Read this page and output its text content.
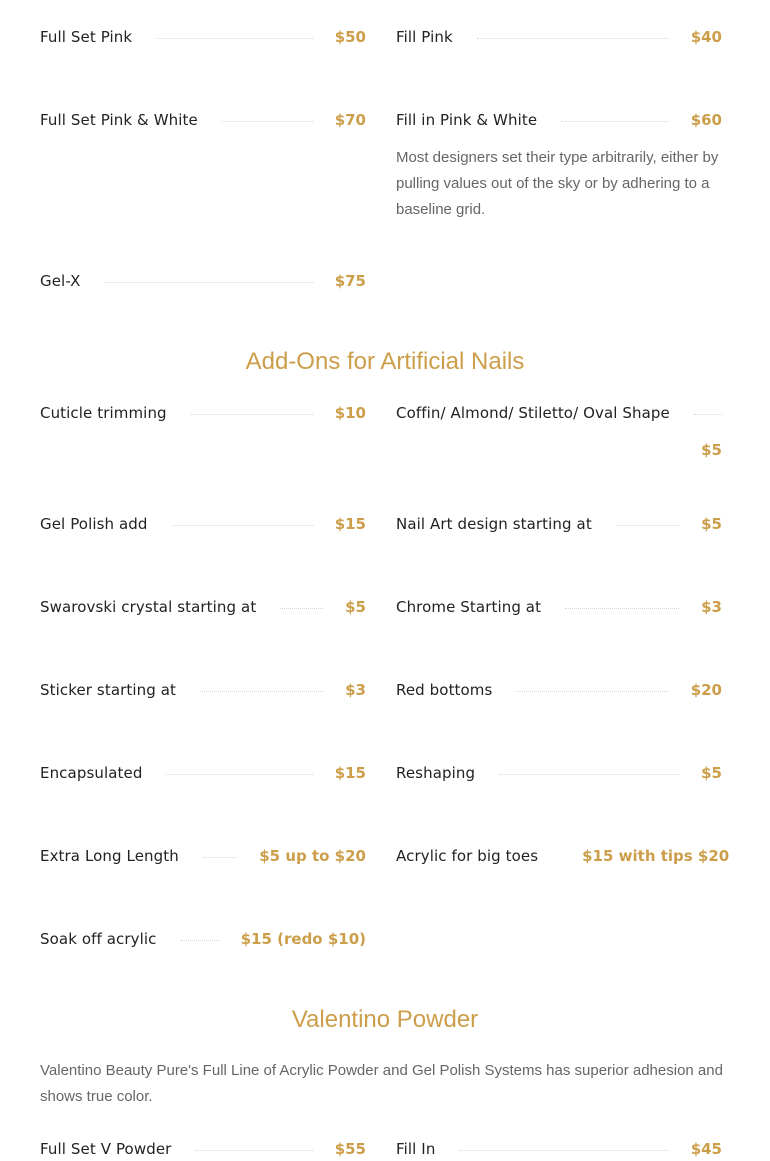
Full Set Pink	$50 Fill Pink	$40
Full Set Pink & White	$70 Fill in Pink & White	$60
Most designers set their type arbitrarily, either by pulling values out of the sky or by adhering to a baseline grid.
Gel-X	$75
Add-Ons for Artificial Nails
Cuticle trimming	$10 Coffin/ Almond/ Stiletto/ Oval Shape
$5
Gel Polish add	$15 Nail Art design starting at	$5
Swarovski crystal starting at	$5 Chrome Starting at	$3
Sticker starting at	$3 Red bottoms	$20
Encapsulated	$15 Reshaping	$5
Extra Long Length	$5 up to $20 Acrylic for big toes	$15 with tips $20
Soak off acrylic	$15 (redo $10)
Valentino Powder
Valentino Beauty Pure's Full Line of Acrylic Powder and Gel Polish Systems has superior adhesion and shows true color.
Full Set V Powder	$55 Fill In	$45
